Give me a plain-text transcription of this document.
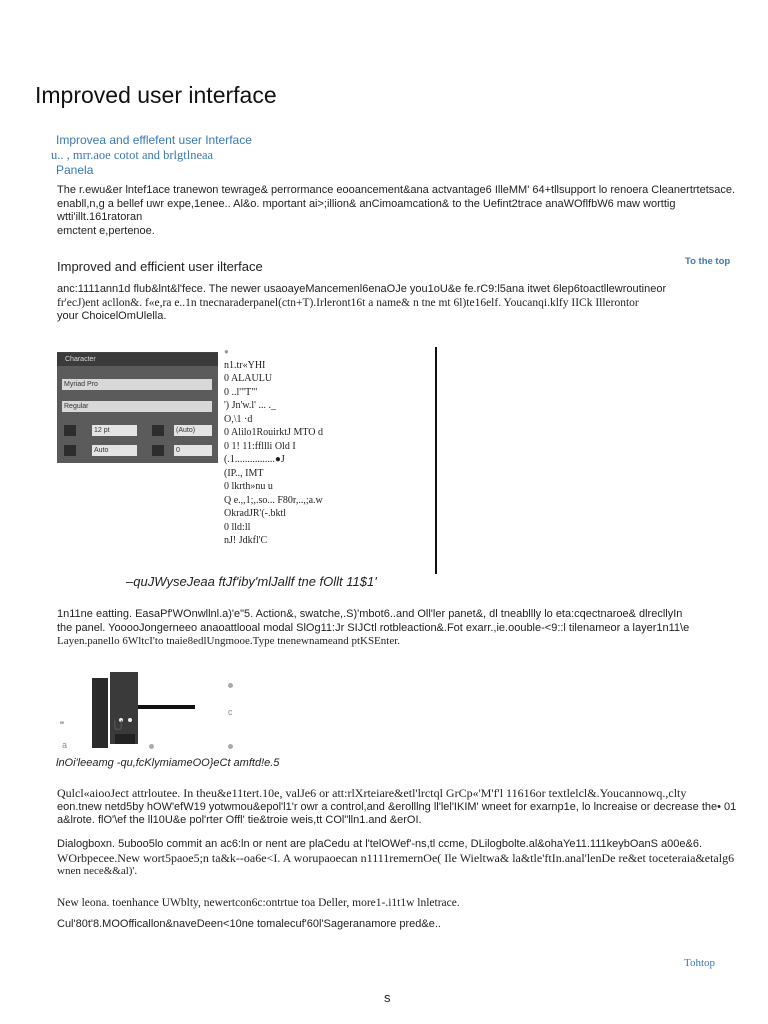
Improved user interface
Improvea and efflefent user Interface
u.. , mrr.aoe cotot and brlgtlneaa
Panela
The r.ewu&er lntef1ace tranewon tewrage& perrormance eooancement&ana actvantage6 IlleMM' 64+tllsupport lo renoera Cleanertrtetsace.
enabll,n,g a bellef uwr expe,1enee.. Al&o. mportant ai>;illion& anCimoamcation& to the Uefint2trace anaWOflfbW6 maw worttig wtti'illt.161ratoran
emctent e,pertenoe.
Improved and efficient user ilterface	To the top
anc:1111ann1d flub&lnt&l'fece. The newer usaoayeMancemenl6enaOJe you1oU&e fe.rC9:l5ana itwet 6lep6toactllewroutineor
fr'ecJ)ent acllon&. f«e,ra e..1n tnecnaraderpanel(ctn+T).Irleront16t a name& n tne mt 6l)te16elf. Youcanqi.klfy IICk Illerontor
your ChoicelOmUlella.
Character
Myriad Pro
Regular
12 pt	(Auto)
Auto	0
●
n1.tr«YHI
0 ALAULU
0 ..l'"T"'
') Jn'w.l' ... ._
O,\1 ·d
0 Alilo1RouirktJ MTO d
0 1! 11:ffllli Old I
(.1................●J
(IP.., IMT
0 lkrth»nu u
Q e.,,1;,.so... F80r,..,;a.w
OkradJR'(-.bktl
0 lld:ll
nJ! Jdkfl'C
–quJWyseJeaa ftJf'iby'mlJallf tne fOllt 11$1'
1n11ne eatting. EasaPf'WOnwllnl.a)'e"5. Action&, swatche,.S)'mbot6..and Oll'ler panet&, dl tneabllly lo eta:cqectnaroe& dlrecllyIn
the panel. YooooJongerneeo anaoattlooal modal SlOg11:Jr SIJCtl rotbleaction&.Fot exarr.,ie.oouble-<9::l tilenameor a layer1n11\e
Layen.panello 6WltcI'to tnaie8edlUngmooe.Type tnenewnameand ptKSEnter.
c
"	U
a
lnOi'leeamg -qu,fcKlymiameOO}eCt amftd!e.5
Qulcl«aiooJect attrloutee. In theu&e11tert.10e, valJe6 or att:rlXrteiare&etl'lrctql GrCp«'M'f'l 11616or textlelcl&.Youcannowq.,clty
eon.tnew netd5by hOW'efW19 yotwmou&epol'l1'r owr a control,and &erolllng ll'lel'IKIM' wneet for exarnp1e, lo lncreaise or decrease the• 01
a&lrote. flO'\ef the ll10U&e pol'rter Offl' tie&troie weis,tt COl"lln1.and &erOI.
Dialogboxn. 5uboo5lo commit an ac6:ln or nent are plaCedu at l'telOWef'-ns,tl ccme, DLilogbolte.al&ohaYe11.111keybOanS a00e&6.
WOrbpecee.New wort5paoe5;n ta&k--oa6e<I. A worupaoecan n1111remernOe( Ile Wieltwa& la&tle'ftIn.anal'lenDe re&et toceteraia&etalg6
wnen nece&&al)'.
New leona. toenhance UWblty, newertcon6c:ontrtue toa Deller, more1-.i1t1w lnletrace.
Cul'80t'8.MOOfficallon&naveDeen<10ne tomalecuf'60l'Sageranamore pred&e..
Tohtop
s
